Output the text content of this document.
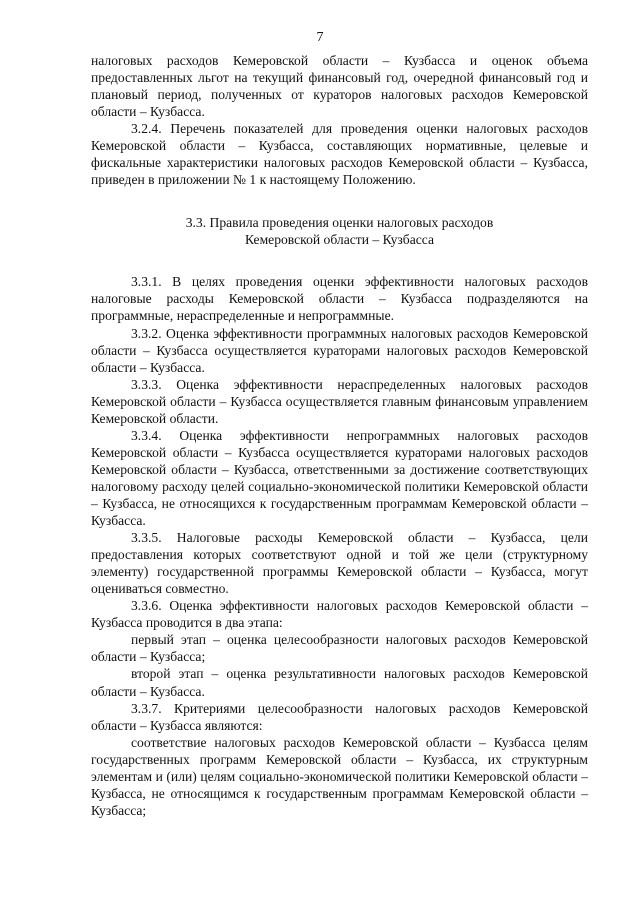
7

налоговых расходов Кемеровской области – Кузбасса и оценок объема предоставленных льгот на текущий финансовый год, очередной финансовый год и плановый период, полученных от кураторов налоговых расходов Кемеровской области – Кузбасса.

3.2.4. Перечень показателей для проведения оценки налоговых расходов Кемеровской области – Кузбасса, составляющих нормативные, целевые и фискальные характеристики налоговых расходов Кемеровской области – Кузбасса, приведен в приложении № 1 к настоящему Положению.

3.3. Правила проведения оценки налоговых расходов
Кемеровской области – Кузбасса

3.3.1. В целях проведения оценки эффективности налоговых расходов налоговые расходы Кемеровской области – Кузбасса подразделяются на программные, нераспределенные и непрограммные.

3.3.2. Оценка эффективности программных налоговых расходов Кемеровской области – Кузбасса осуществляется кураторами налоговых расходов Кемеровской области – Кузбасса.

3.3.3. Оценка эффективности нераспределенных налоговых расходов Кемеровской области – Кузбасса осуществляется главным финансовым управлением Кемеровской области.

3.3.4. Оценка эффективности непрограммных налоговых расходов Кемеровской области – Кузбасса осуществляется кураторами налоговых расходов Кемеровской области – Кузбасса, ответственными за достижение соответствующих налоговому расходу целей социально-экономической политики Кемеровской области – Кузбасса, не относящихся к государственным программам Кемеровской области – Кузбасса.

3.3.5. Налоговые расходы Кемеровской области – Кузбасса, цели предоставления которых соответствуют одной и той же цели (структурному элементу) государственной программы Кемеровской области – Кузбасса, могут оцениваться совместно.

3.3.6. Оценка эффективности налоговых расходов Кемеровской области – Кузбасса проводится в два этапа:

первый этап – оценка целесообразности налоговых расходов Кемеровской области – Кузбасса;

второй этап – оценка результативности налоговых расходов Кемеровской области – Кузбасса.

3.3.7. Критериями целесообразности налоговых расходов Кемеровской области – Кузбасса являются:

соответствие налоговых расходов Кемеровской области – Кузбасса целям государственных программ Кемеровской области – Кузбасса, их структурным элементам и (или) целям социально-экономической политики Кемеровской области – Кузбасса, не относящимся к государственным программам Кемеровской области – Кузбасса;
